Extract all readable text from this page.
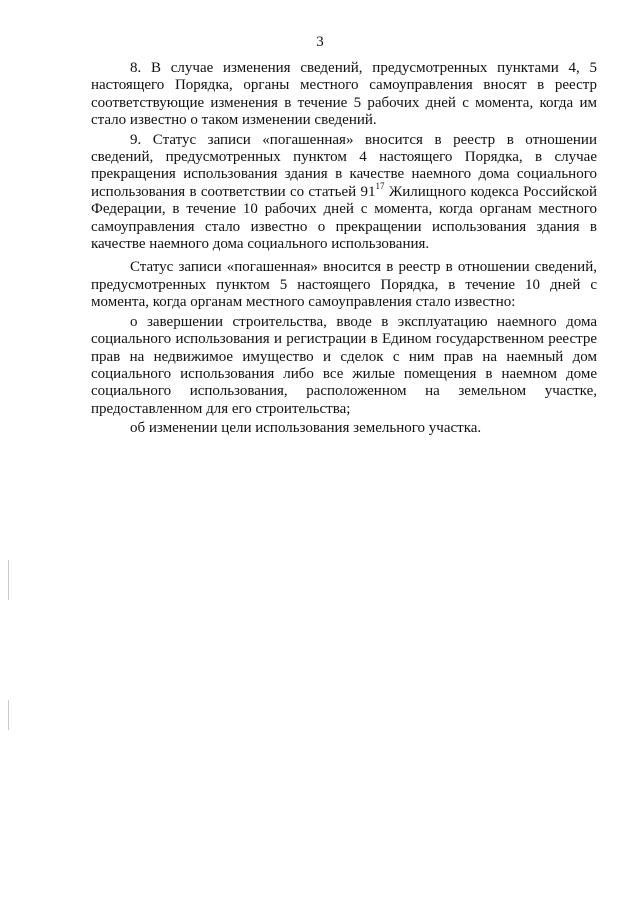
3

8. В случае изменения сведений, предусмотренных пунктами 4, 5 настоящего Порядка, органы местного самоуправления вносят в реестр соответствующие изменения в течение 5 рабочих дней с момента, когда им стало известно о таком изменении сведений.

9. Статус записи «погашенная» вносится в реестр в отношении сведений, предусмотренных пунктом 4 настоящего Порядка, в случае прекращения использования здания в качестве наемного дома социального использования в соответствии со статьей $91^{17}$ Жилищного кодекса Российской Федерации, в течение 10 рабочих дней с момента, когда органам местного самоуправления стало известно о прекращении использования здания в качестве наемного дома социального использования.

Статус записи «погашенная» вносится в реестр в отношении сведений, предусмотренных пунктом 5 настоящего Порядка, в течение 10 дней с момента, когда органам местного самоуправления стало известно:

о завершении строительства, вводе в эксплуатацию наемного дома социального использования и регистрации в Едином государственном реестре прав на недвижимое имущество и сделок с ним прав на наемный дом социального использования либо все жилые помещения в наемном доме социального использования, расположенном на земельном участке, предоставленном для его строительства;

об изменении цели использования земельного участка.
